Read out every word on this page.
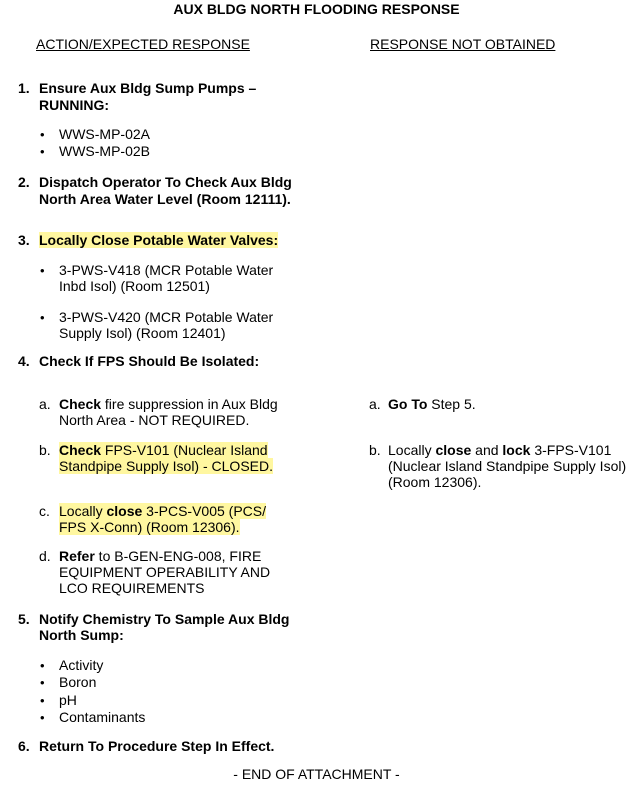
AUX BLDG NORTH FLOODING RESPONSE
ACTION/EXPECTED RESPONSE	RESPONSE NOT OBTAINED
1. Ensure Aux Bldg Sump Pumps –
RUNNING:
• WWS-MP-02A
• WWS-MP-02B
2. Dispatch Operator To Check Aux Bldg
North Area Water Level (Room 12111).
3. Locally Close Potable Water Valves:
• 3-PWS-V418 (MCR Potable Water
Inbd Isol) (Room 12501)
• 3-PWS-V420 (MCR Potable Water
Supply Isol) (Room 12401)
4. Check If FPS Should Be Isolated:
a. Check fire suppression in Aux Bldg
North Area - NOT REQUIRED.
a. Go To Step 5.
b. Check FPS-V101 (Nuclear Island
Standpipe Supply Isol) - CLOSED.
b. Locally close and lock 3-FPS-V101
(Nuclear Island Standpipe Supply Isol)
(Room 12306).
c. Locally close 3-PCS-V005 (PCS/
FPS X-Conn) (Room 12306).
d. Refer to B-GEN-ENG-008, FIRE
EQUIPMENT OPERABILITY AND
LCO REQUIREMENTS
5. Notify Chemistry To Sample Aux Bldg
North Sump:
• Activity
• Boron
• pH
• Contaminants
6. Return To Procedure Step In Effect.
- END OF ATTACHMENT -
